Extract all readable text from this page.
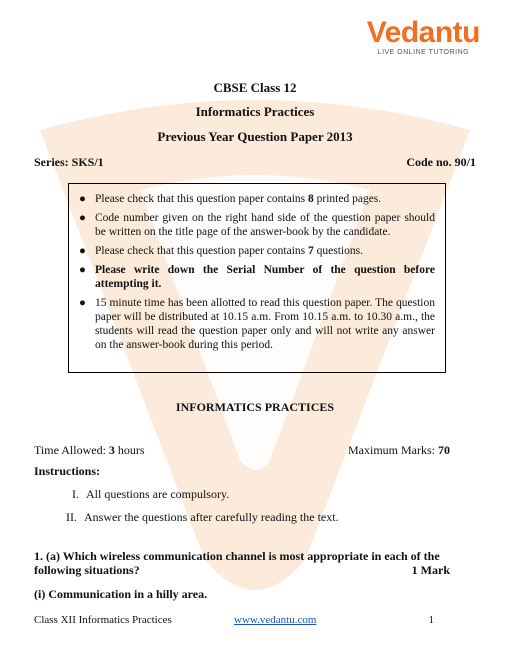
Vedantu
LIVE ONLINE TUTORING
CBSE Class 12
Informatics Practices
Previous Year Question Paper 2013
Series: SKS/1	Code no. 90/1
● Please check that this question paper contains 8 printed pages.
● Code number given on the right hand side of the question paper should be written on the title page of the answer-book by the candidate.
● Please check that this question paper contains 7 questions.
● Please write down the Serial Number of the question before attempting it.
● 15 minute time has been allotted to read this question paper. The question paper will be distributed at 10.15 a.m. From 10.15 a.m. to 10.30 a.m., the students will read the question paper only and will not write any answer on the answer-book during this period.
INFORMATICS PRACTICES
Time Allowed: 3 hours	Maximum Marks: 70
Instructions:
I. All questions are compulsory.
II. Answer the questions after carefully reading the text.
1. (a) Which wireless communication channel is most appropriate in each of the following situations?	1 Mark
(i) Communication in a hilly area.
Class XII Informatics Practices	www.vedantu.com	1
